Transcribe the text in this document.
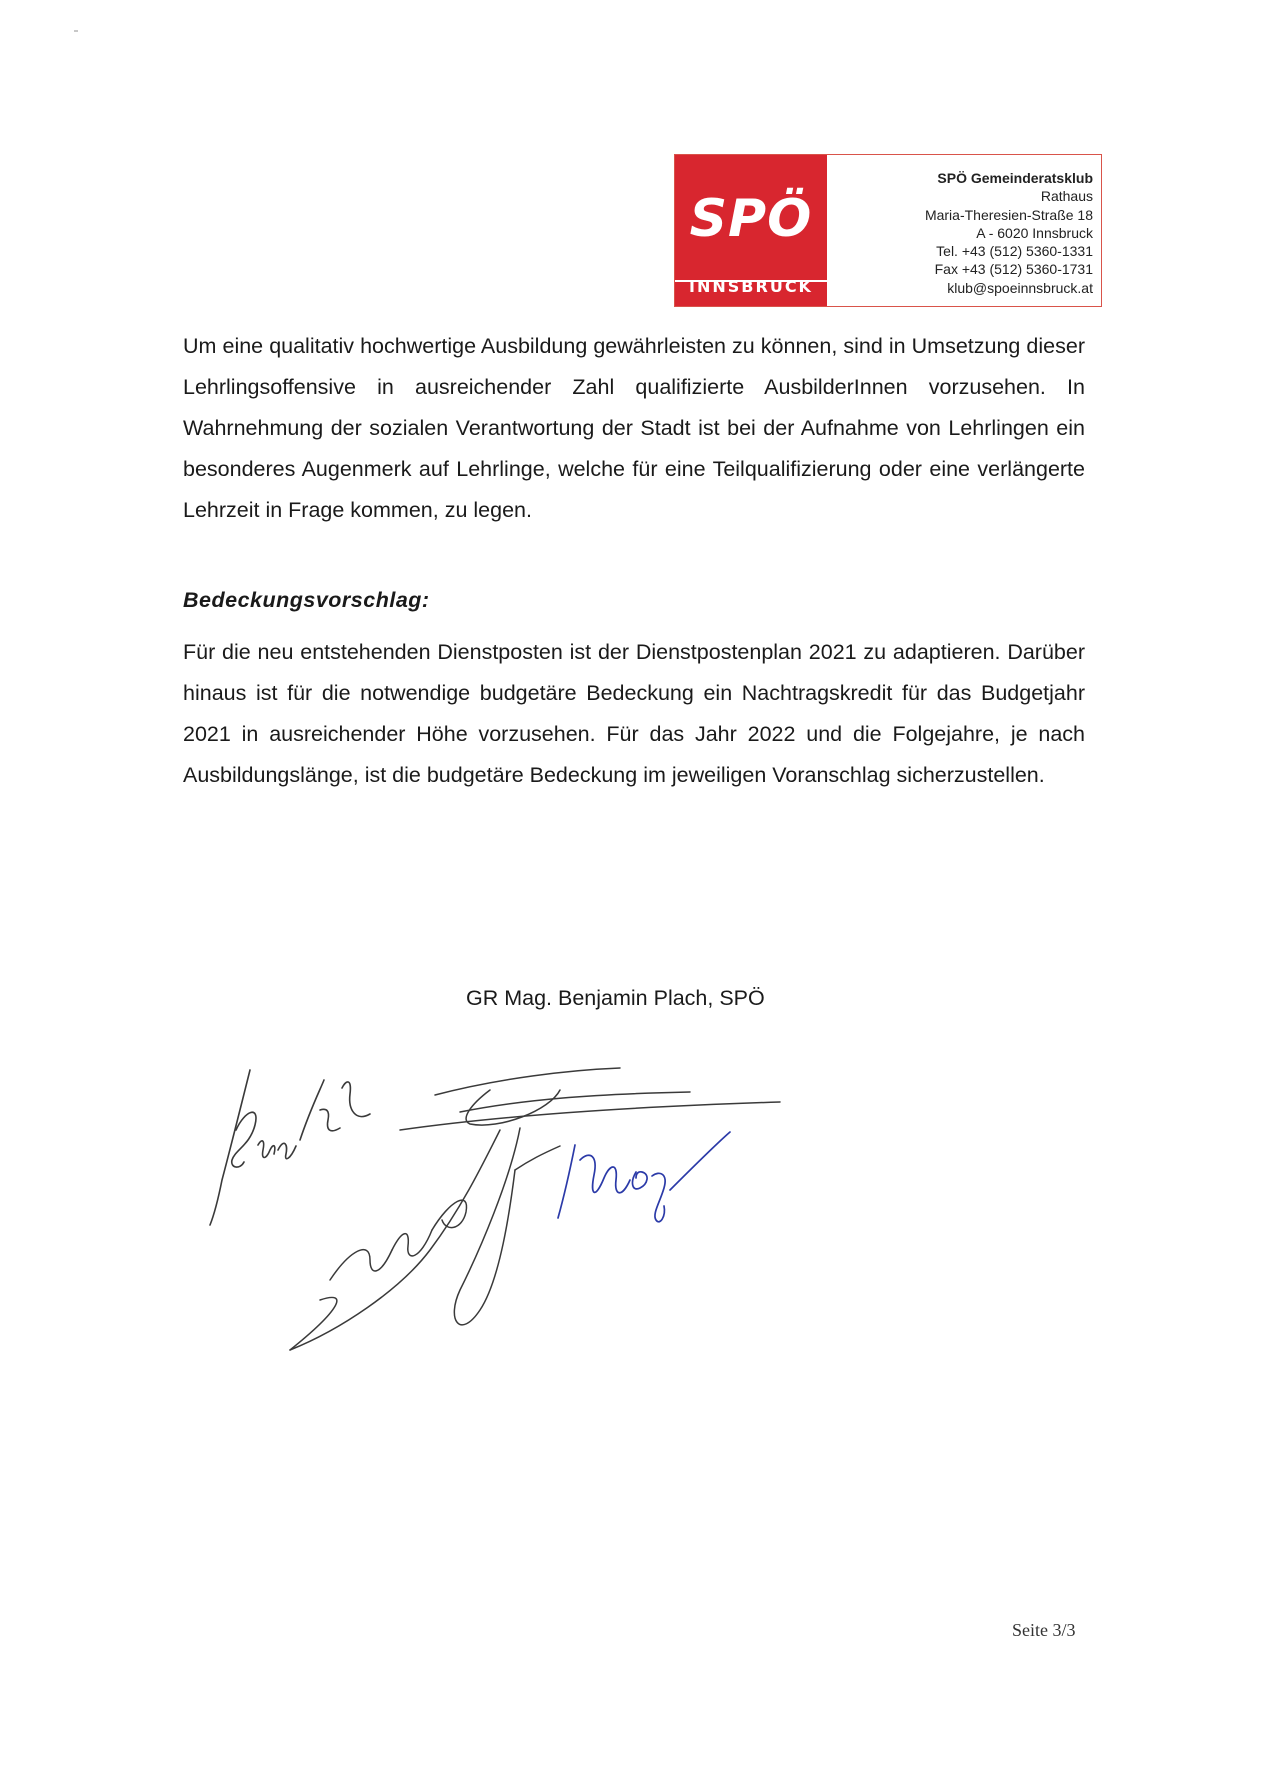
SPÖ
INNSBRUCK
SPÖ Gemeinderatsklub
Rathaus
Maria-Theresien-Straße 18
A - 6020 Innsbruck
Tel. +43 (512) 5360-1331
Fax +43 (512) 5360-1731
klub@spoeinnsbruck.at

Um eine qualitativ hochwertige Ausbildung gewährleisten zu können, sind in Umsetzung dieser Lehrlingsoffensive in ausreichender Zahl qualifizierte AusbilderInnen vorzusehen. In Wahrnehmung der sozialen Verantwortung der Stadt ist bei der Aufnahme von Lehrlingen ein besonderes Augenmerk auf Lehrlinge, welche für eine Teilqualifizierung oder eine verlängerte Lehrzeit in Frage kommen, zu legen.

Bedeckungsvorschlag:

Für die neu entstehenden Dienstposten ist der Dienstpostenplan 2021 zu adaptieren. Darüber hinaus ist für die notwendige budgetäre Bedeckung ein Nachtragskredit für das Budgetjahr 2021 in ausreichender Höhe vorzusehen. Für das Jahr 2022 und die Folgejahre, je nach Ausbildungslänge, ist die budgetäre Bedeckung im jeweiligen Voranschlag sicherzustellen.

GR Mag. Benjamin Plach, SPÖ

Seite 3/3
